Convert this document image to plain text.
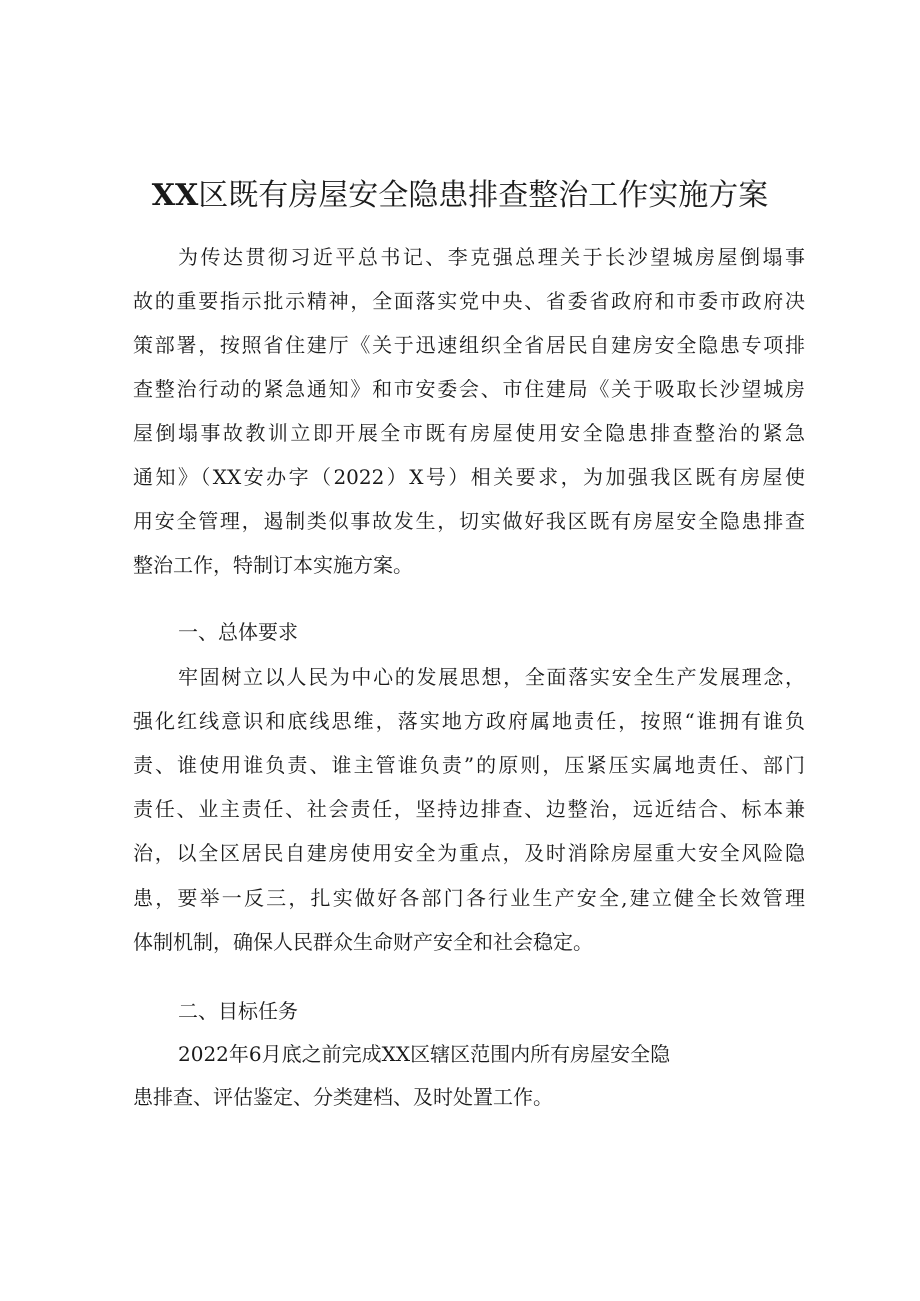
XX区既有房屋安全隐患排查整治工作实施方案
为传达贯彻习近平总书记、李克强总理关于长沙望城房屋倒塌事
故的重要指示批示精神，全面落实党中央、省委省政府和市委市政府决
策部署，按照省住建厅《关于迅速组织全省居民自建房安全隐患专项排
查整治行动的紧急通知》和市安委会、市住建局《关于吸取长沙望城房
屋倒塌事故教训立即开展全市既有房屋使用安全隐患排查整治的紧急
通知》（XX安办字（2022）X号）相关要求，为加强我区既有房屋使
用安全管理，遏制类似事故发生，切实做好我区既有房屋安全隐患排查
整治工作，特制订本实施方案。
一、总体要求
牢固树立以人民为中心的发展思想，全面落实安全生产发展理念，
强化红线意识和底线思维，落实地方政府属地责任，按照“谁拥有谁负
责、谁使用谁负责、谁主管谁负责”的原则，压紧压实属地责任、部门
责任、业主责任、社会责任，坚持边排查、边整治，远近结合、标本兼
治，以全区居民自建房使用安全为重点，及时消除房屋重大安全风险隐
患，要举一反三，扎实做好各部门各行业生产安全,建立健全长效管理
体制机制，确保人民群众生命财产安全和社会稳定。
二、目标任务
2022年6月底之前完成XX区辖区范围内所有房屋安全隐
患排查、评估鉴定、分类建档、及时处置工作。
